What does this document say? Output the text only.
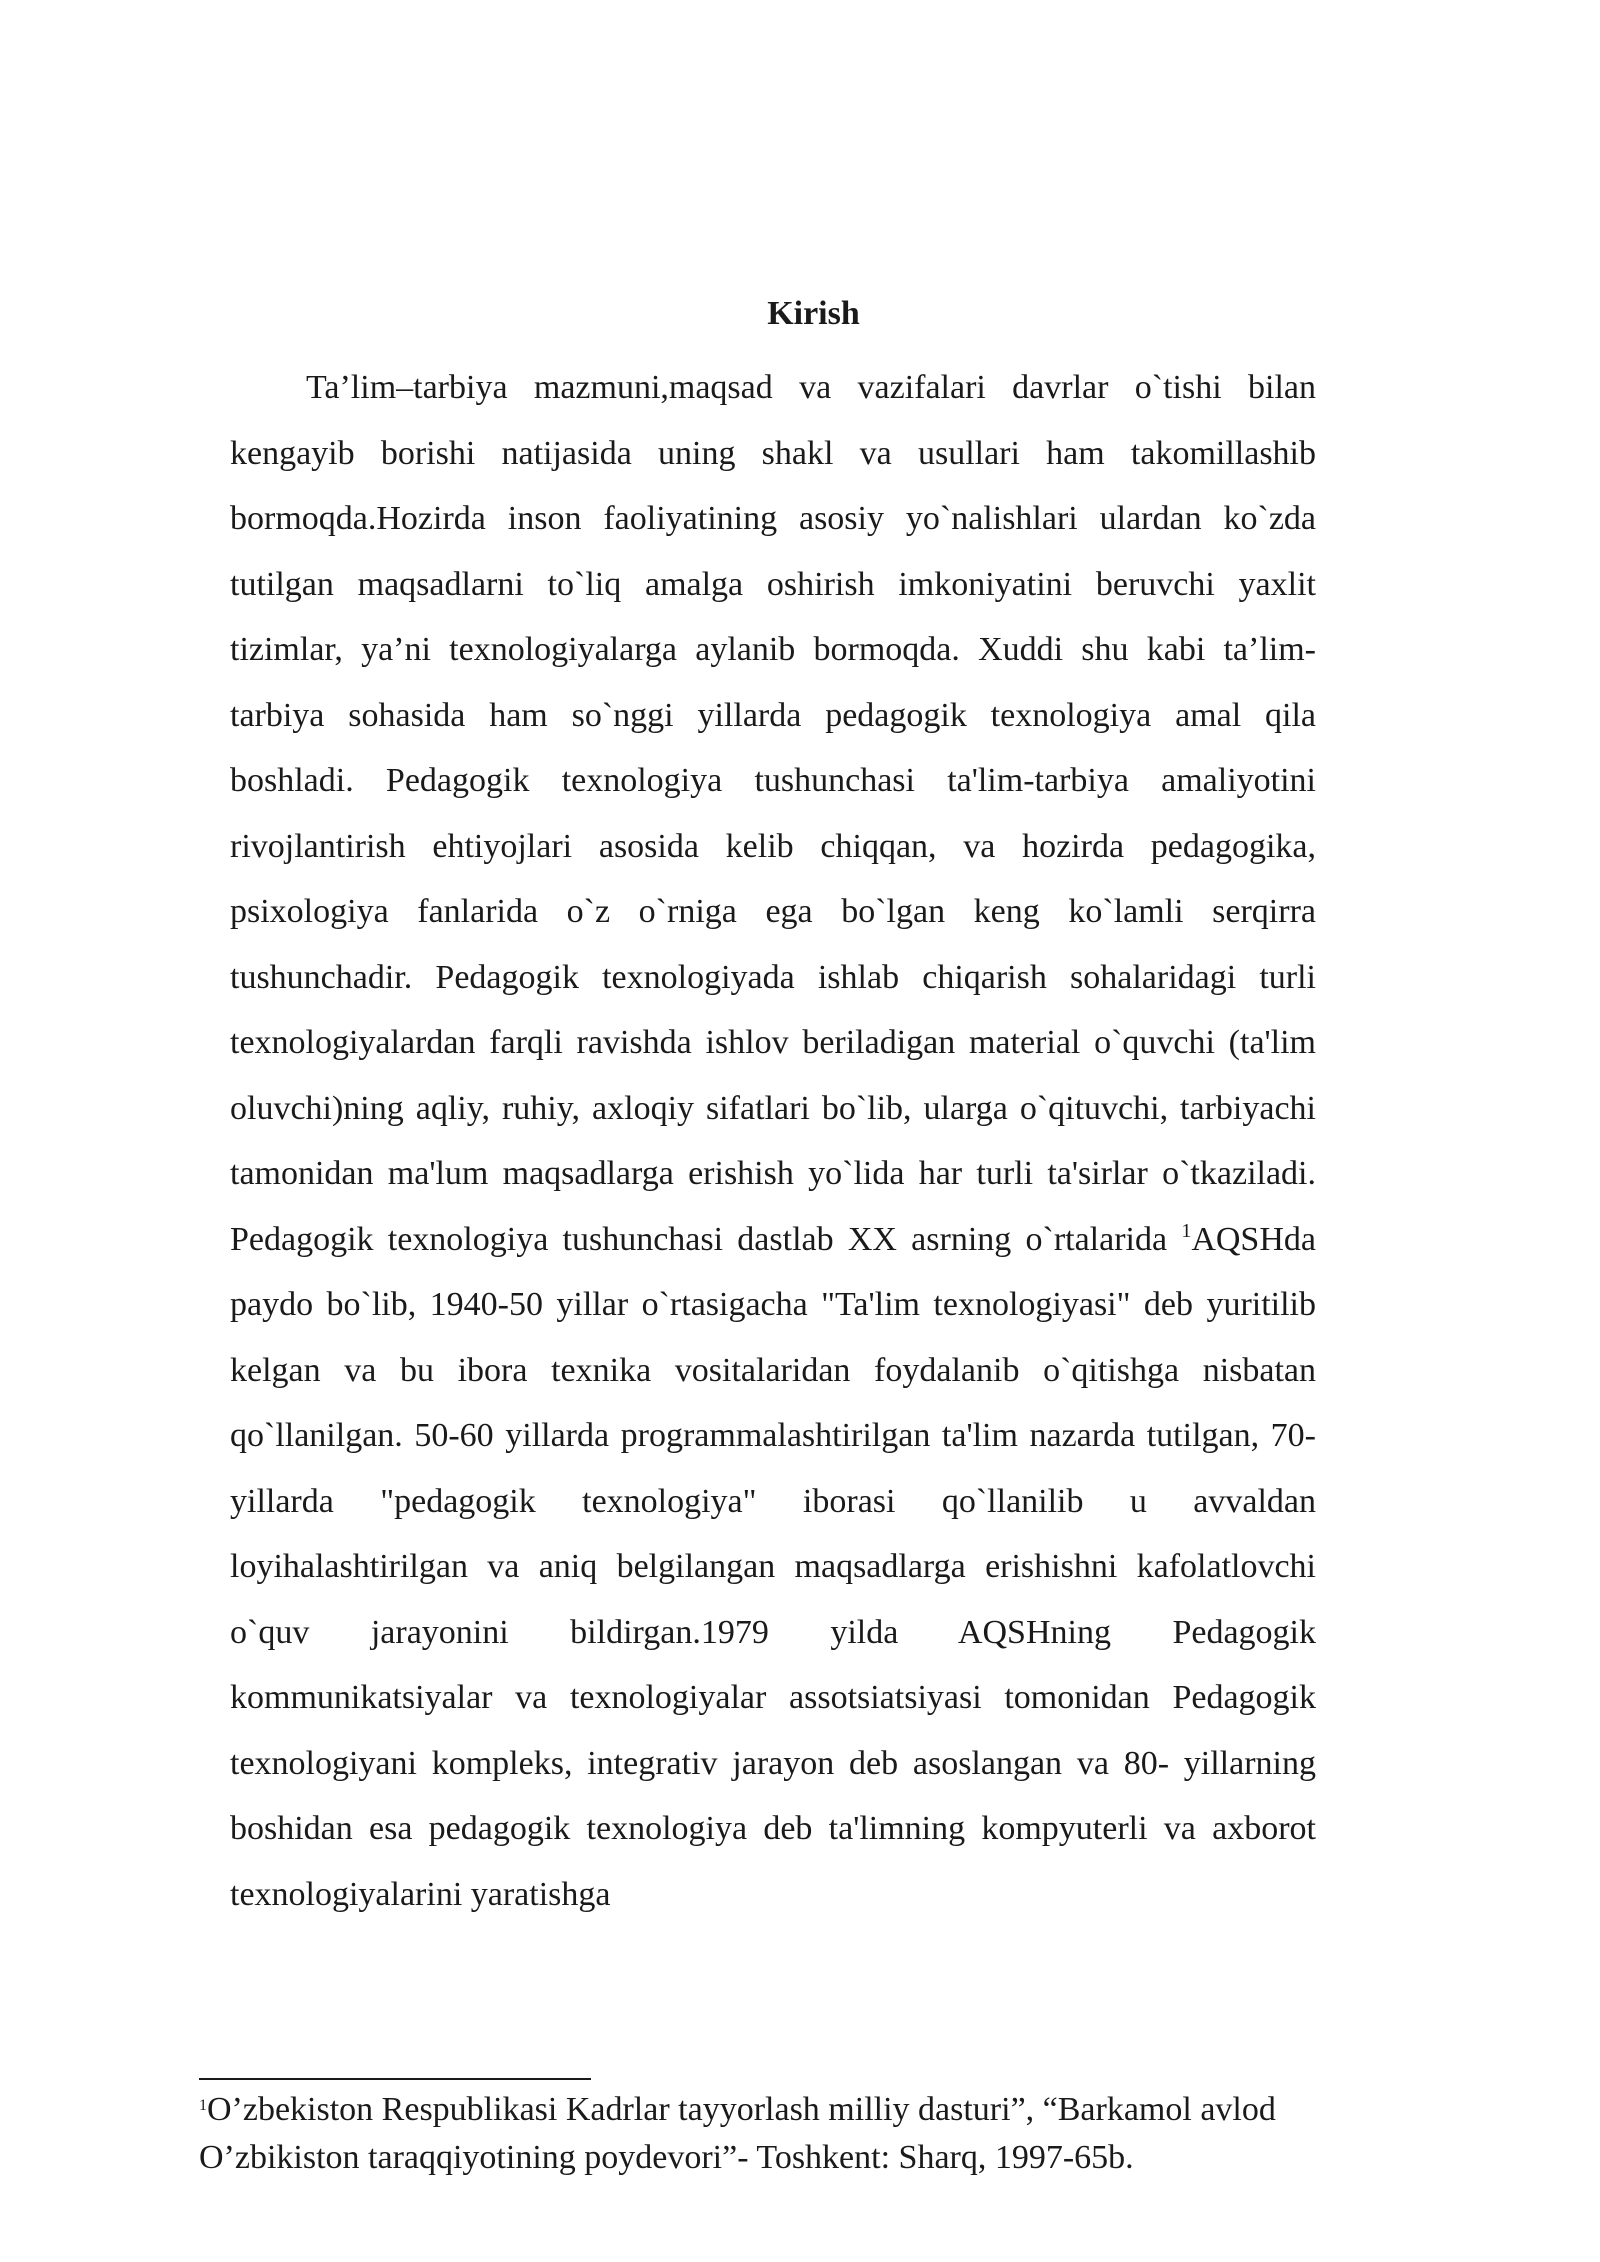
Kirish

Ta’lim–tarbiya mazmuni,maqsad va vazifalari davrlar o`tishi bilan kengayib borishi natijasida uning shakl va usullari ham takomillashib bormoqda.Hozirda inson faoliyatining asosiy yo`nalishlari ulardan ko`zda tutilgan maqsadlarni to`liq amalga oshirish imkoniyatini beruvchi yaxlit tizimlar, ya’ni texnologiyalarga aylanib bormoqda. Xuddi shu kabi ta’lim-tarbiya sohasida ham so`nggi yillarda pedagogik texnologiya amal qila boshladi. Pedagogik texnologiya tushunchasi ta'lim-tarbiya amaliyotini rivojlantirish ehtiyojlari asosida kelib chiqqan, va hozirda pedagogika, psixologiya fanlarida o`z o`rniga ega bo`lgan keng ko`lamli serqirra tushunchadir. Pedagogik texnologiyada ishlab chiqarish sohalaridagi turli texnologiyalardan farqli ravishda ishlov beriladigan material o`quvchi (ta'lim oluvchi)ning aqliy, ruhiy, axloqiy sifatlari bo`lib, ularga o`qituvchi, tarbiyachi tamonidan ma'lum maqsadlarga erishish yo`lida har turli ta'sirlar o`tkaziladi. Pedagogik texnologiya tushunchasi dastlab XX asrning o`rtalarida $^1$AQSHda paydo bo`lib, 1940-50 yillar o`rtasigacha "Ta'lim texnologiyasi" deb yuritilib kelgan va bu ibora texnika vositalaridan foydalanib o`qitishga nisbatan qo`llanilgan. 50-60 yillarda programmalashtirilgan ta'lim nazarda tutilgan, 70- yillarda "pedagogik texnologiya" iborasi qo`llanilib u avvaldan loyihalashtirilgan va aniq belgilangan maqsadlarga erishishni kafolatlovchi o`quv jarayonini bildirgan.1979 yilda AQSHning Pedagogik kommunikatsiyalar va texnologiyalar assotsiatsiyasi tomonidan Pedagogik texnologiyani kompleks, integrativ jarayon deb asoslangan va 80- yillarning boshidan esa pedagogik texnologiya deb ta'limning kompyuterli va axborot texnologiyalarini yaratishga

$^1$O’zbekiston Respublikasi Kadrlar tayyorlash milliy dasturi”, “Barkamol avlod
O’zbikiston taraqqiyotining poydevori”- Toshkent: Sharq, 1997-65b.
